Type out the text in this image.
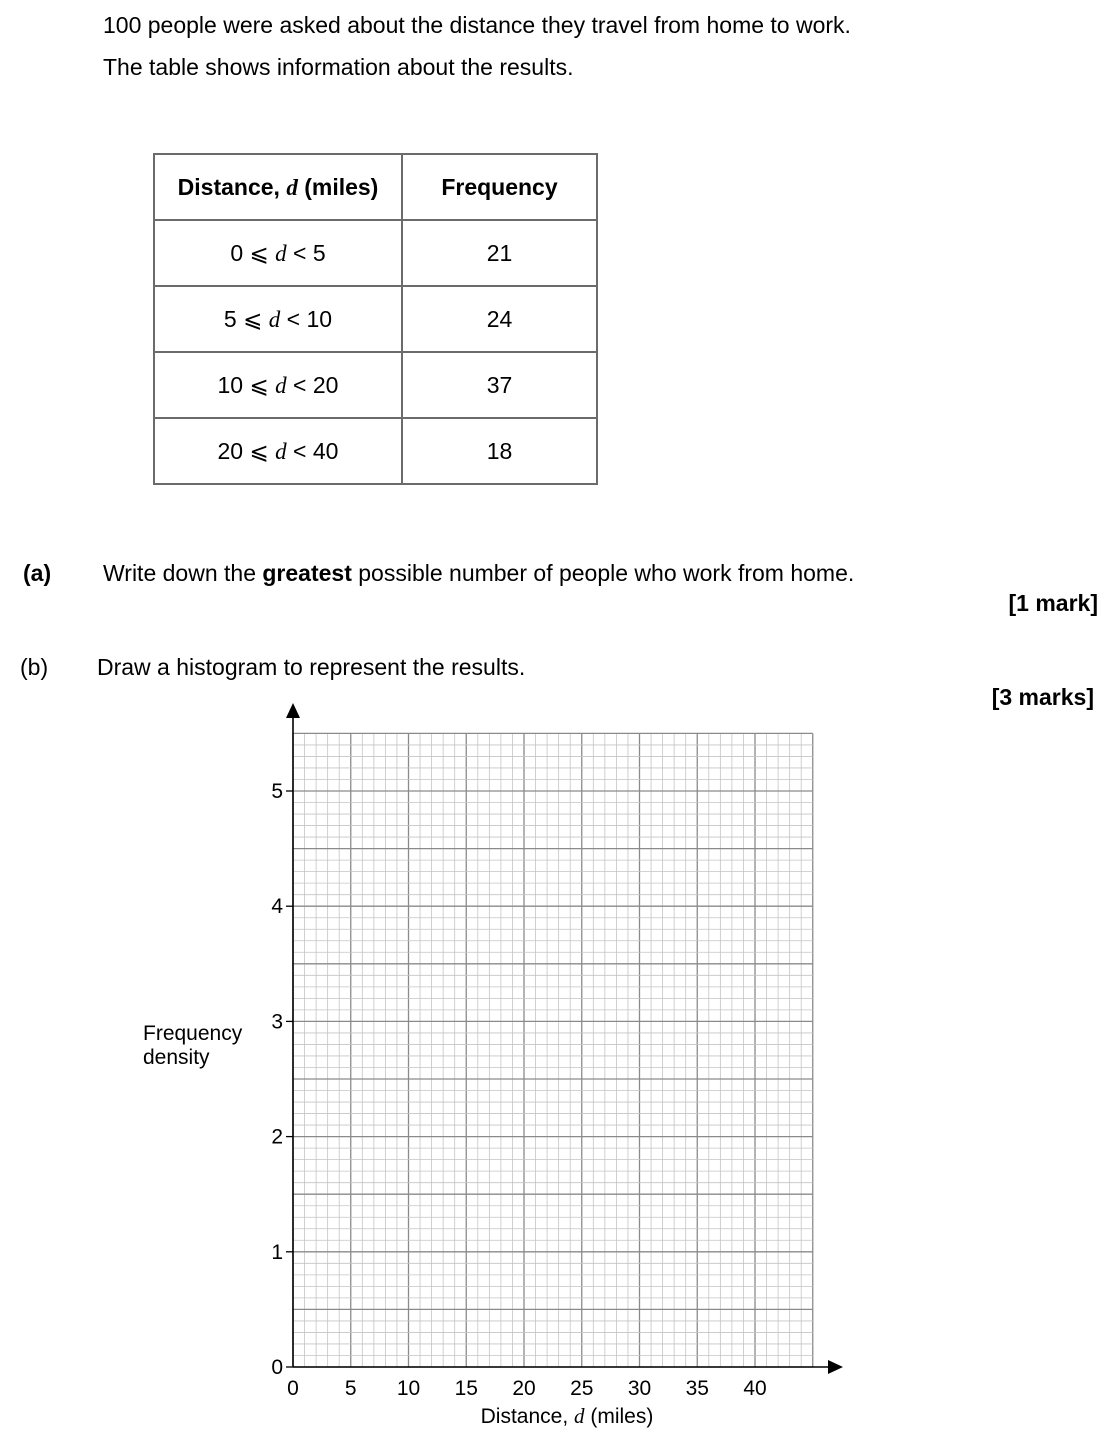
100 people were asked about the distance they travel from home to work.
The table shows information about the results.
Distance, d (miles)	Frequency
0 ⩽ d < 5	21
5 ⩽ d < 10	24
10 ⩽ d < 20	37
20 ⩽ d < 40	18
(a) Write down the greatest possible number of people who work from home.
[1 mark]
(b) Draw a histogram to represent the results.
[3 marks]
0 5 10 15 20 25 30 35 40
0
1
2
3
4
5
Frequency
density
Distance, d (miles)
